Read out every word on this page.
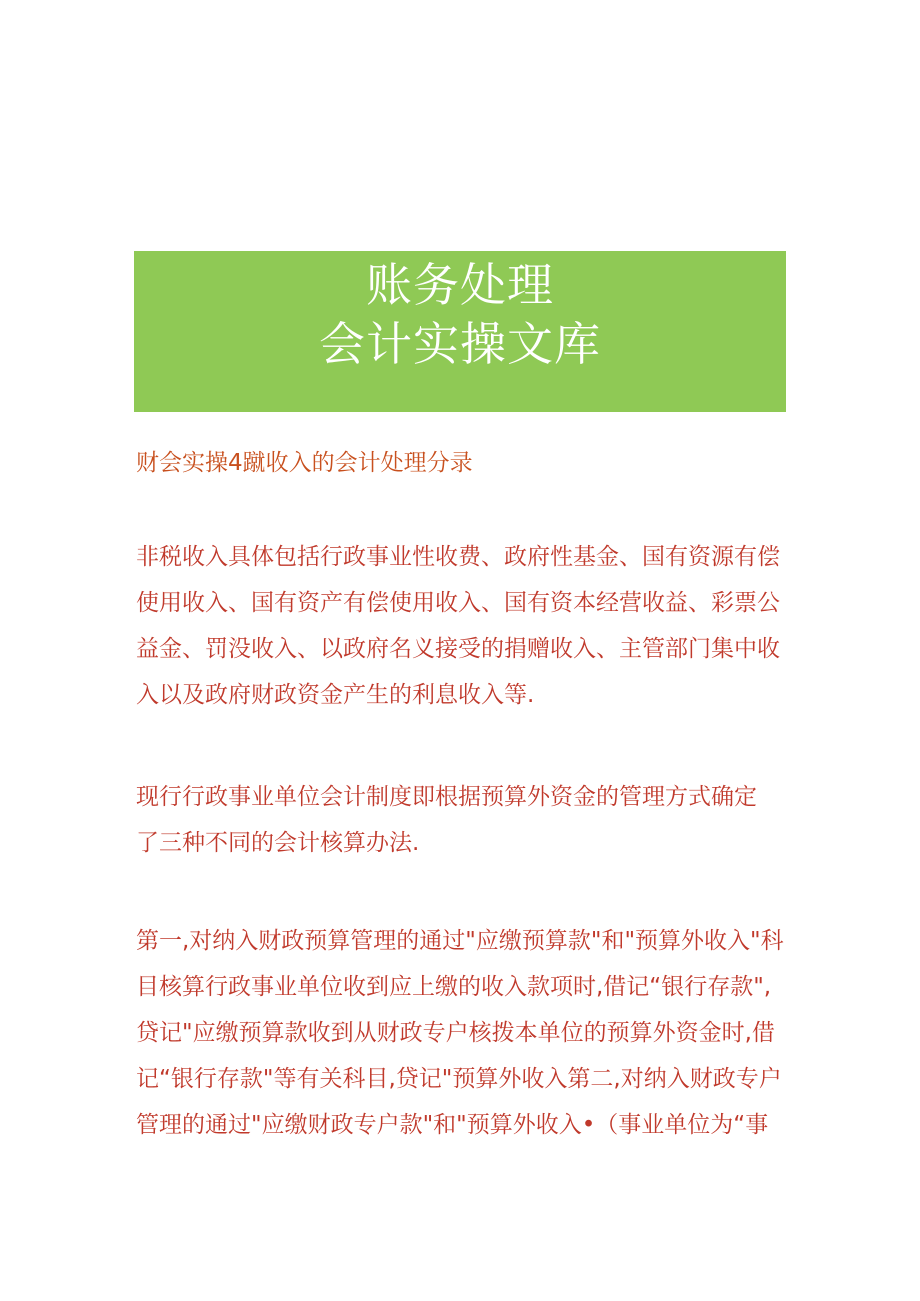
账务处理
会计实操文库
财会实操4蹴收入的会计处理分录
非税收入具体包括行政事业性收费、政府性基金、国有资源有偿
使用收入、国有资产有偿使用收入、国有资本经营收益、彩票公
益金、罚没收入、以政府名义接受的捐赠收入、主管部门集中收
入以及政府财政资金产生的利息收入等.
现行行政事业单位会计制度即根据预算外资金的管理方式确定
了三种不同的会计核算办法.
第一,对纳入财政预算管理的通过"应缴预算款"和"预算外收入"科
目核算行政事业单位收到应上缴的收入款项时,借记“银行存款",
贷记"应缴预算款收到从财政专户核拨本单位的预算外资金时,借
记“银行存款"等有关科目,贷记"预算外收入第二,对纳入财政专户
管理的通过"应缴财政专户款"和"预算外收入•（事业单位为“事
